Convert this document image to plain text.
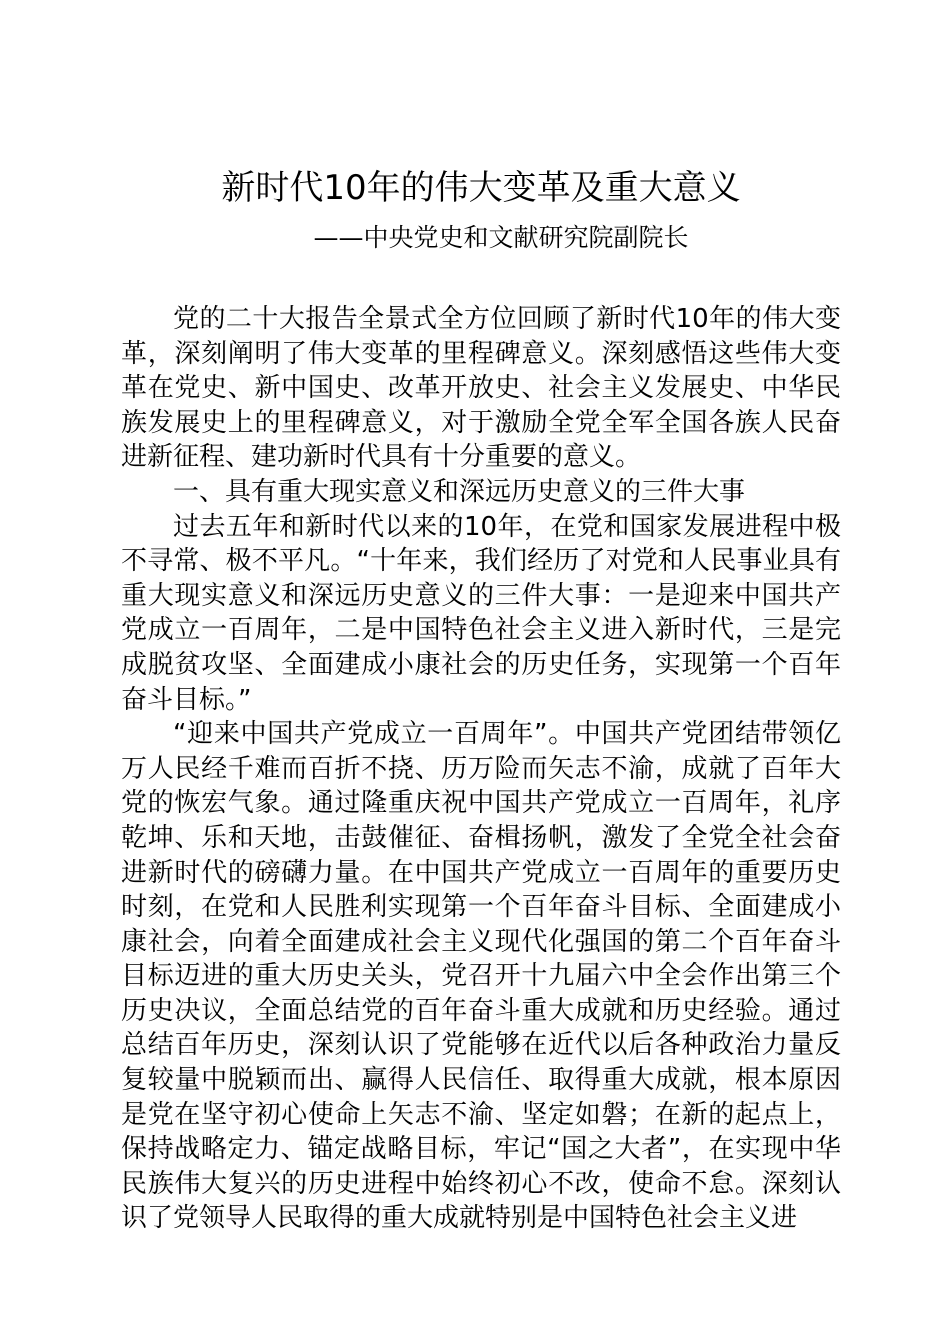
新时代10年的伟大变革及重大意义
——中央党史和文献研究院副院长

党的二十大报告全景式全方位回顾了新时代10年的伟大变革，深刻阐明了伟大变革的里程碑意义。深刻感悟这些伟大变革在党史、新中国史、改革开放史、社会主义发展史、中华民族发展史上的里程碑意义，对于激励全党全军全国各族人民奋进新征程、建功新时代具有十分重要的意义。

一、具有重大现实意义和深远历史意义的三件大事

过去五年和新时代以来的10年，在党和国家发展进程中极不寻常、极不平凡。“十年来，我们经历了对党和人民事业具有重大现实意义和深远历史意义的三件大事：一是迎来中国共产党成立一百周年，二是中国特色社会主义进入新时代，三是完成脱贫攻坚、全面建成小康社会的历史任务，实现第一个百年奋斗目标。”

“迎来中国共产党成立一百周年”。中国共产党团结带领亿万人民经千难而百折不挠、历万险而矢志不渝，成就了百年大党的恢宏气象。通过隆重庆祝中国共产党成立一百周年，礼序乾坤、乐和天地，击鼓催征、奋楫扬帆，激发了全党全社会奋进新时代的磅礴力量。在中国共产党成立一百周年的重要历史时刻，在党和人民胜利实现第一个百年奋斗目标、全面建成小康社会，向着全面建成社会主义现代化强国的第二个百年奋斗目标迈进的重大历史关头，党召开十九届六中全会作出第三个历史决议，全面总结党的百年奋斗重大成就和历史经验。通过总结百年历史，深刻认识了党能够在近代以后各种政治力量反复较量中脱颖而出、赢得人民信任、取得重大成就，根本原因是党在坚守初心使命上矢志不渝、坚定如磐；在新的起点上，保持战略定力、锚定战略目标，牢记“国之大者”，在实现中华民族伟大复兴的历史进程中始终初心不改，使命不怠。深刻认识了党领导人民取得的重大成就特别是中国特色社会主义进
